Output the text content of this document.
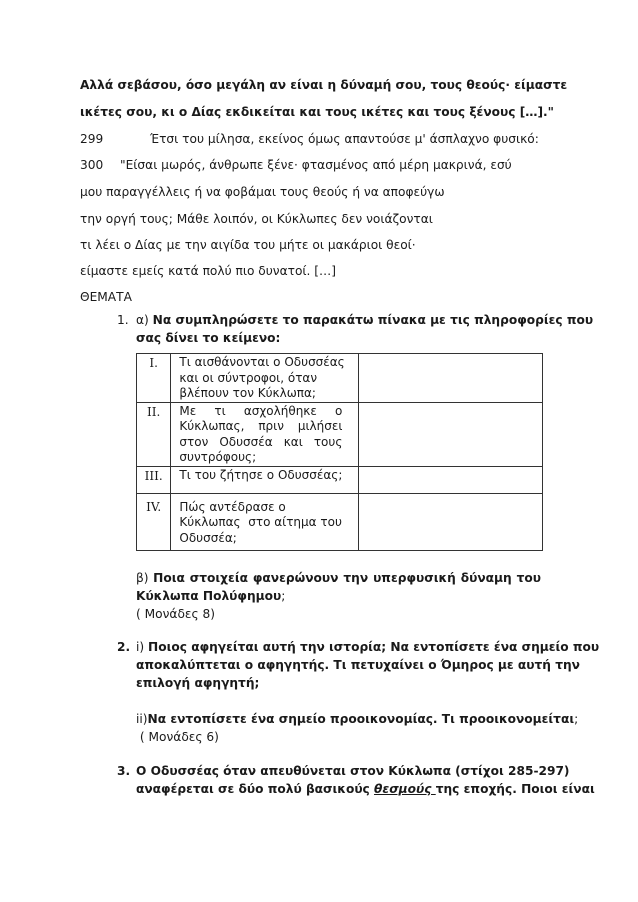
Αλλά σεβάσου, όσο μεγάλη αν είναι η δύναμή σου, τους θεούς· είμαστε
ικέτες σου, κι ο Δίας εκδικείται και τους ικέτες και τους ξένους […]."
299	Έτσι του μίλησα, εκείνος όμως απαντούσε μ' άσπλαχνο φυσικό:
300 "Είσαι μωρός, άνθρωπε ξένε· φτασμένος από μέρη μακρινά, εσύ
μου παραγγέλλεις ή να φοβάμαι τους θεούς ή να αποφεύγω
την οργή τους; Μάθε λοιπόν, οι Κύκλωπες δεν νοιάζονται
τι λέει ο Δίας με την αιγίδα του μήτε οι μακάριοι θεοί·
είμαστε εμείς κατά πολύ πιο δυνατοί. […]
ΘΕΜΑΤΑ
1. α) Να συμπληρώσετε το παρακάτω πίνακα με τις πληροφορίες που
σας δίνει το κείμενο:
I.	Τι αισθάνονται ο Οδυσσέας
και οι σύντροφοι, όταν
βλέπουν τον Κύκλωπα;	

II.	Με τι ασχολήθηκε ο
Κύκλωπας, πριν μιλήσει
στον Οδυσσέα και τους
συντρόφους;	

III.	Τι του ζήτησε ο Οδυσσέας;	

IV.	Πώς αντέδρασε ο
Κύκλωπας  στο αίτημα του
Οδυσσέα;	

β) Ποια στοιχεία φανερώνουν την υπερφυσική δύναμη του
Κύκλωπα Πολύφημου;
( Μονάδες 8)
2. i) Ποιος αφηγείται αυτή την ιστορία; Να εντοπίσετε ένα σημείο που
αποκαλύπτεται ο αφηγητής. Τι πετυχαίνει ο Όμηρος με αυτή την
επιλογή αφηγητή;
ii)Να εντοπίσετε ένα σημείο προοικονομίας. Τι προοικονομείται;
( Μονάδες 6)
3. Ο Οδυσσέας όταν απευθύνεται στον Κύκλωπα (στίχοι 285-297)
αναφέρεται σε δύο πολύ βασικούς θεσμούς της εποχής. Ποιοι είναι
